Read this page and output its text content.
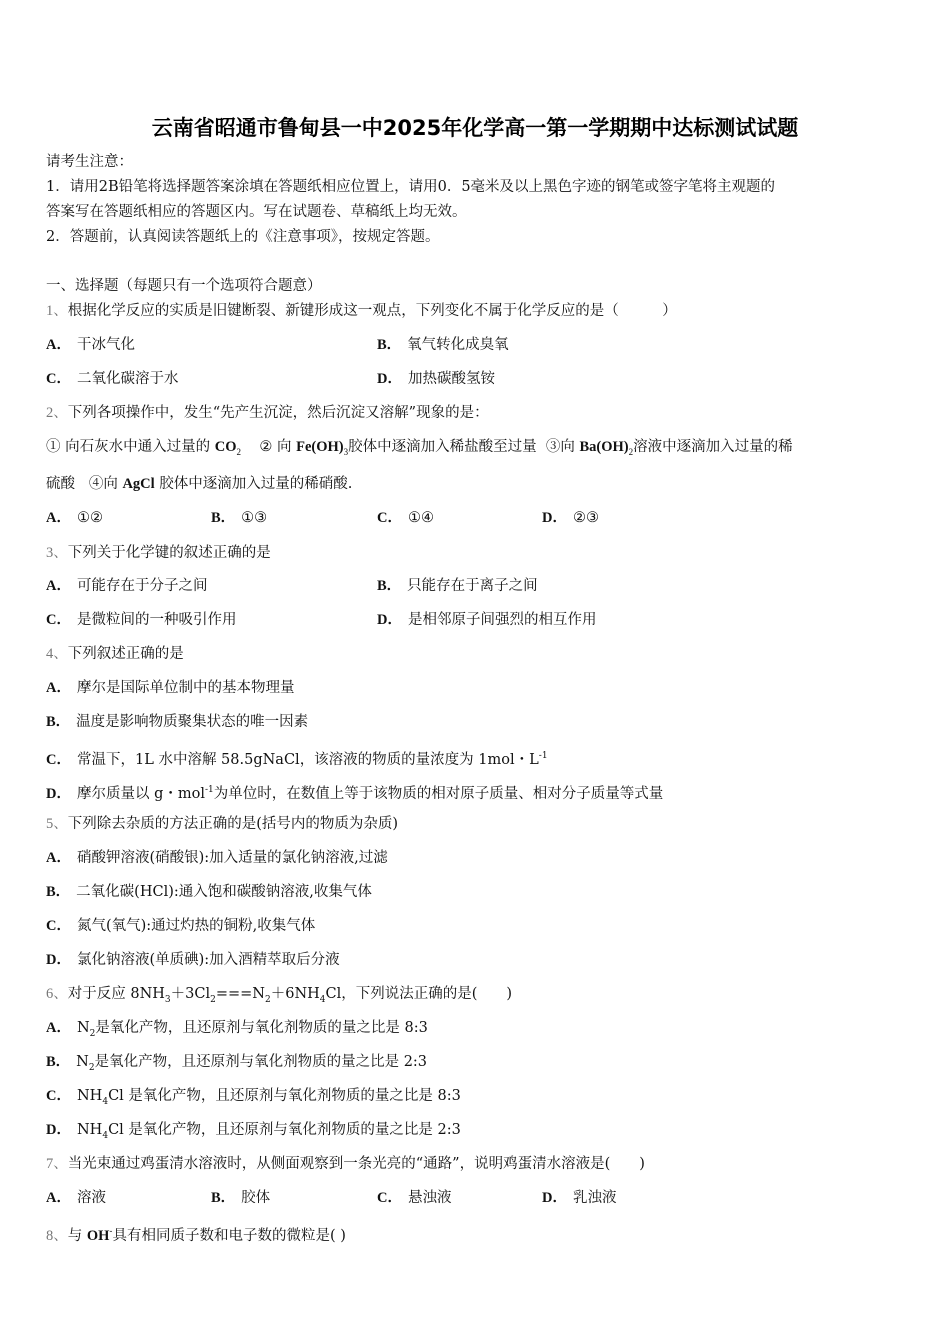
云南省昭通市鲁甸县一中2025年化学高一第一学期期中达标测试试题
请考生注意：
1．请用2B铅笔将选择题答案涂填在答题纸相应位置上，请用0．5毫米及以上黑色字迹的钢笔或签字笔将主观题的
答案写在答题纸相应的答题区内。写在试题卷、草稿纸上均无效。
2．答题前，认真阅读答题纸上的《注意事项》，按规定答题。
一、选择题（每题只有一个选项符合题意）
1、根据化学反应的实质是旧键断裂、新键形成这一观点，下列变化不属于化学反应的是（　　　）
A． 干冰气化	B． 氧气转化成臭氧
C． 二氧化碳溶于水	D． 加热碳酸氢铵
2、下列各项操作中，发生“先产生沉淀，然后沉淀又溶解”现象的是：
① 向石灰水中通入过量的 $CO_2$ ② 向 $Fe(OH)_3$胶体中逐滴加入稀盐酸至过量 ③向 $Ba(OH)_2$溶液中逐滴加入过量的稀
硫酸 ④向 AgCl 胶体中逐滴加入过量的稀硝酸.
A． ①②	B． ①③	C． ①④	D． ②③
3、下列关于化学键的叙述正确的是
A． 可能存在于分子之间	B． 只能存在于离子之间
C． 是微粒间的一种吸引作用	D． 是相邻原子间强烈的相互作用
4、下列叙述正确的是
A． 摩尔是国际单位制中的基本物理量
B． 温度是影响物质聚集状态的唯一因素
C． 常温下，1L 水中溶解 58.5gNaCl，该溶液的物质的量浓度为 1mol・$L^{-1}$
D． 摩尔质量以 g・mol$^{-1}$为单位时，在数值上等于该物质的相对原子质量、相对分子质量等式量
5、下列除去杂质的方法正确的是(括号内的物质为杂质)
A． 硝酸钾溶液(硝酸银):加入适量的氯化钠溶液,过滤
B． 二氧化碳(HCl):通入饱和碳酸钠溶液,收集气体
C． 氮气(氧气):通过灼热的铜粉,收集气体
D． 氯化钠溶液(单质碘):加入酒精萃取后分液
6、对于反应 $8NH_3+3Cl_2===N_2+6NH_4Cl$，下列说法正确的是(　　)
A． $N_2$是氧化产物，且还原剂与氧化剂物质的量之比是 8:3
B． $N_2$是氧化产物，且还原剂与氧化剂物质的量之比是 2:3
C． $NH_4Cl$ 是氧化产物，且还原剂与氧化剂物质的量之比是 8:3
D． $NH_4Cl$ 是氧化产物，且还原剂与氧化剂物质的量之比是 2:3
7、当光束通过鸡蛋清水溶液时，从侧面观察到一条光亮的“通路”，说明鸡蛋清水溶液是(　　)
A． 溶液	B． 胶体	C． 悬浊液	D． 乳浊液
8、与 OH-具有相同质子数和电子数的微粒是( )
